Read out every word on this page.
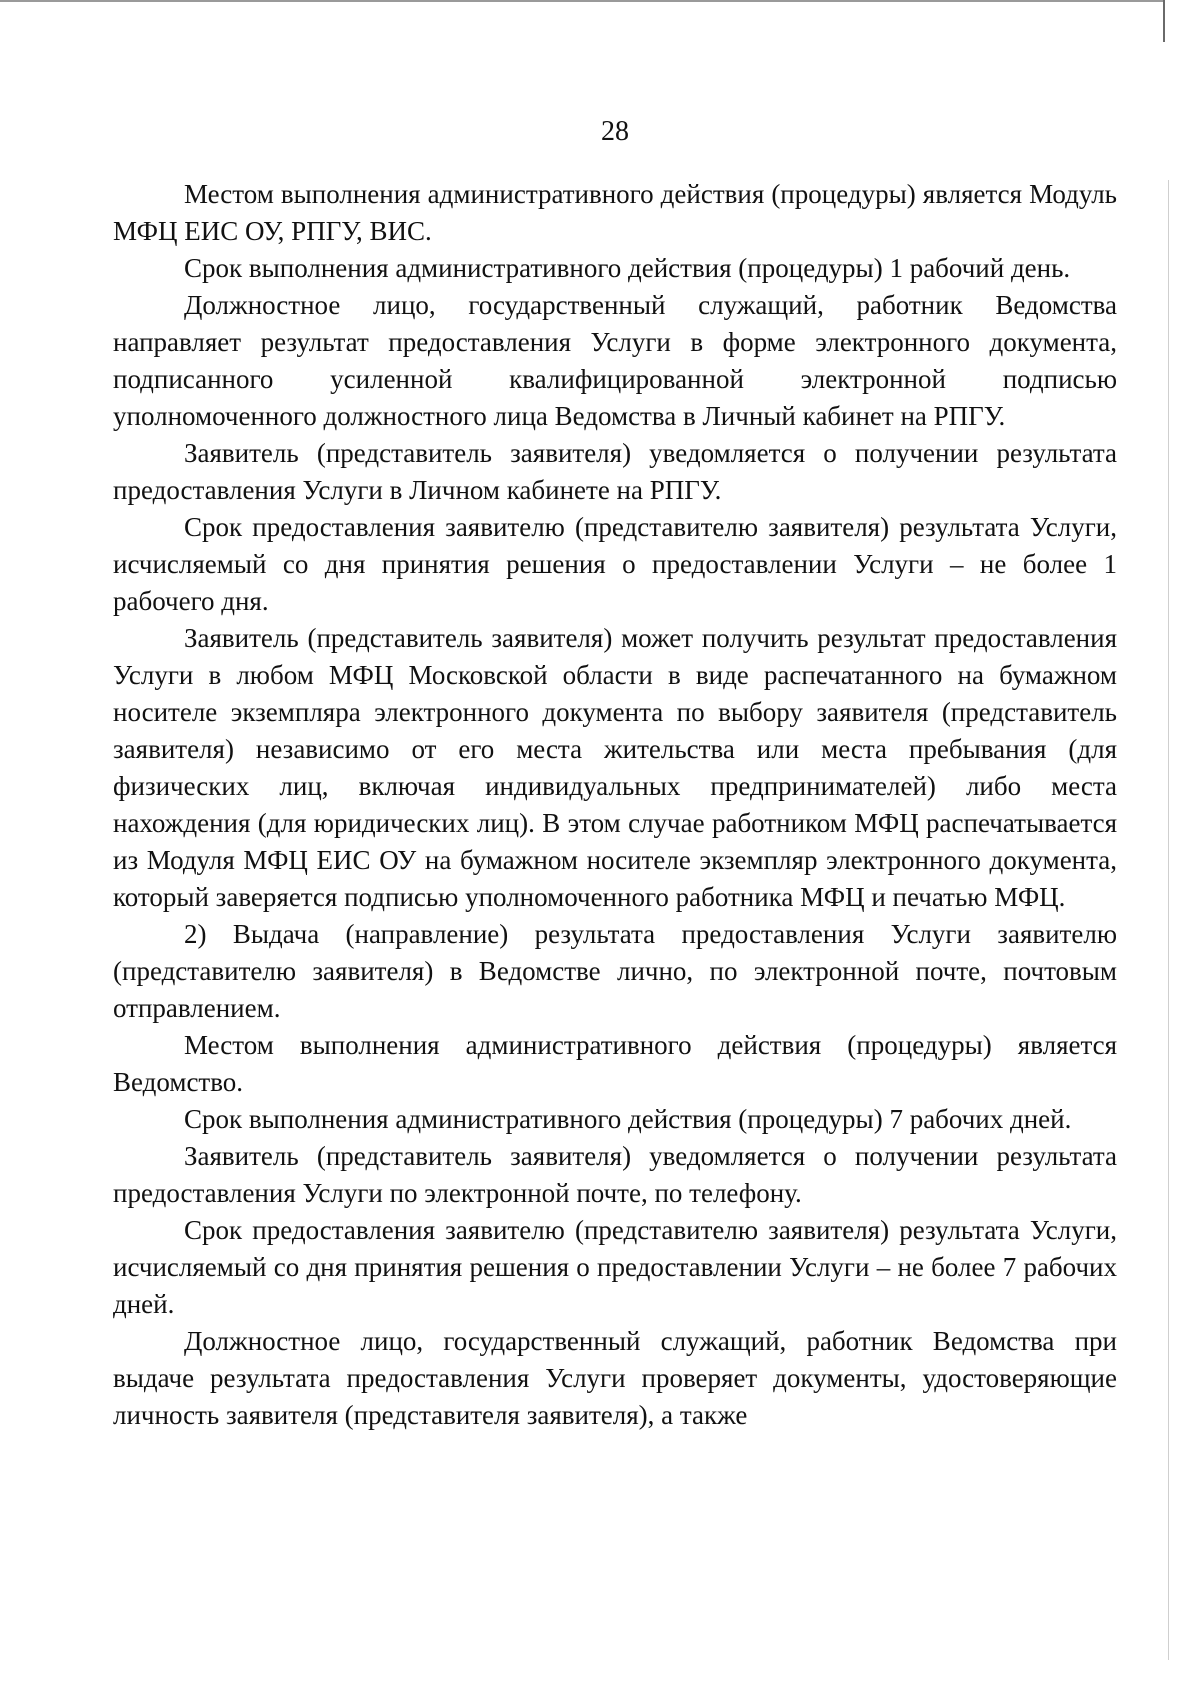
28

Местом выполнения административного действия (процедуры) является Модуль МФЦ ЕИС ОУ, РПГУ, ВИС.

Срок выполнения административного действия (процедуры) 1 рабочий день.

Должностное лицо, государственный служащий, работник Ведомства направляет результат предоставления Услуги в форме электронного документа, подписанного усиленной квалифицированной электронной подписью уполномоченного должностного лица Ведомства в Личный кабинет на РПГУ.

Заявитель (представитель заявителя) уведомляется о получении результата предоставления Услуги в Личном кабинете на РПГУ.

Срок предоставления заявителю (представителю заявителя) результата Услуги, исчисляемый со дня принятия решения о предоставлении Услуги – не более 1 рабочего дня.

Заявитель (представитель заявителя) может получить результат предоставления Услуги в любом МФЦ Московской области в виде распечатанного на бумажном носителе экземпляра электронного документа по выбору заявителя (представитель заявителя) независимо от его места жительства или места пребывания (для физических лиц, включая индивидуальных предпринимателей) либо места нахождения (для юридических лиц). В этом случае работником МФЦ распечатывается из Модуля МФЦ ЕИС ОУ на бумажном носителе экземпляр электронного документа, который заверяется подписью уполномоченного работника МФЦ и печатью МФЦ.

2) Выдача (направление) результата предоставления Услуги заявителю (представителю заявителя) в Ведомстве лично, по электронной почте, почтовым отправлением.

Местом выполнения административного действия (процедуры) является Ведомство.

Срок выполнения административного действия (процедуры) 7 рабочих дней.

Заявитель (представитель заявителя) уведомляется о получении результата предоставления Услуги по электронной почте, по телефону.

Срок предоставления заявителю (представителю заявителя) результата Услуги, исчисляемый со дня принятия решения о предоставлении Услуги – не более 7 рабочих дней.

Должностное лицо, государственный служащий, работник Ведомства при выдаче результата предоставления Услуги проверяет документы, удостоверяющие личность заявителя (представителя заявителя), а также
